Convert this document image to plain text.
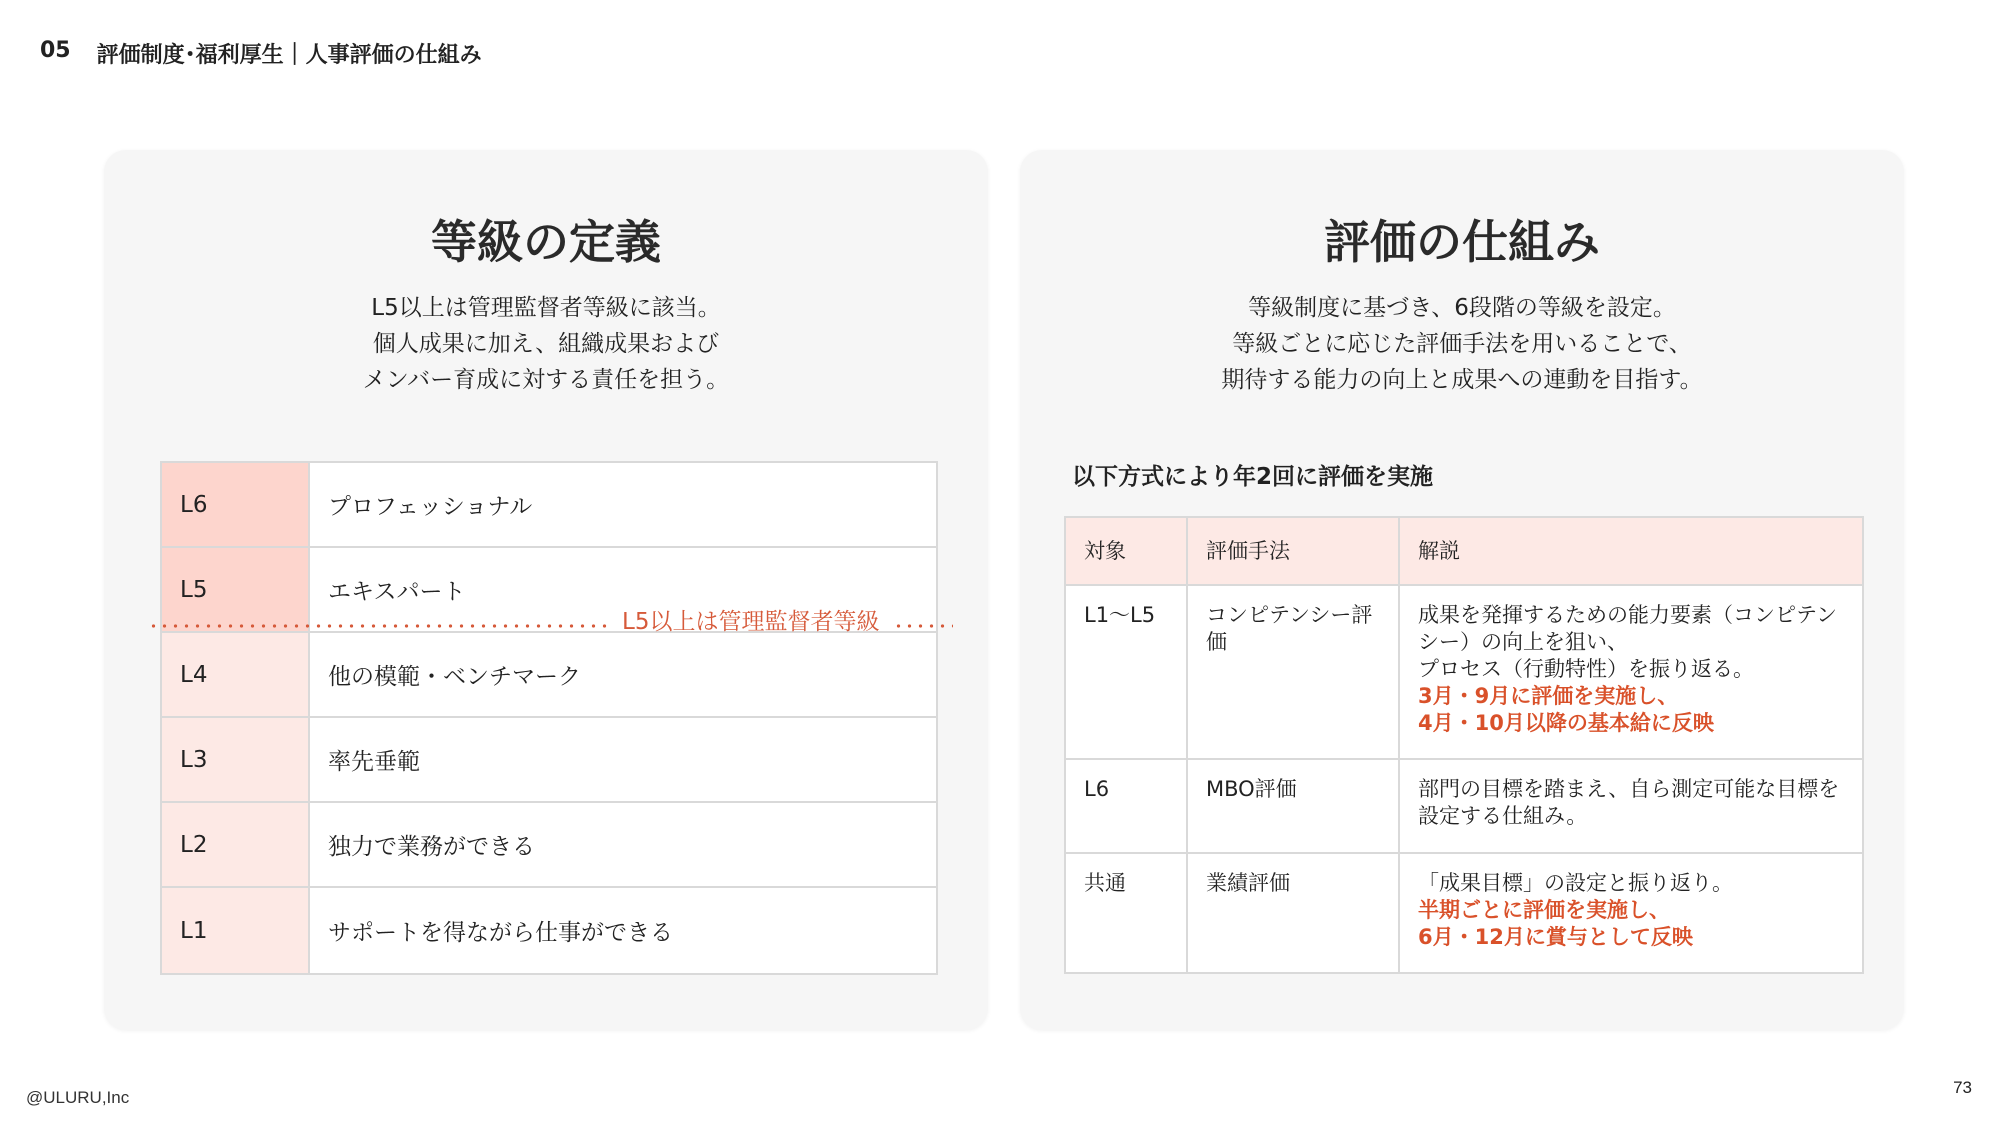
05 評価制度･福利厚生｜人事評価の仕組み
等級の定義
L5以上は管理監督者等級に該当。
個人成果に加え、組織成果および
メンバー育成に対する責任を担う。
L6	プロフェッショナル
L5	エキスパート
L4	他の模範・ベンチマーク
L3	率先垂範
L2	独力で業務ができる
L1	サポートを得ながら仕事ができる
L5以上は管理監督者等級
評価の仕組み
等級制度に基づき、6段階の等級を設定。
等級ごとに応じた評価手法を用いることで、
期待する能力の向上と成果への連動を目指す。
以下方式により年2回に評価を実施
対象	評価手法	解説
L1〜L5	コンピテンシー評価	成果を発揮するための能力要素（コンピテンシー）の向上を狙い、
プロセス（行動特性）を振り返る。
3月・9月に評価を実施し、
4月・10月以降の基本給に反映

L6	MBO評価	部門の目標を踏まえ、自ら測定可能な目標を設定する仕組み。
共通	業績評価	「成果目標」の設定と振り返り。
半期ごとに評価を実施し、
6月・12月に賞与として反映
@ULURU,Inc
73
